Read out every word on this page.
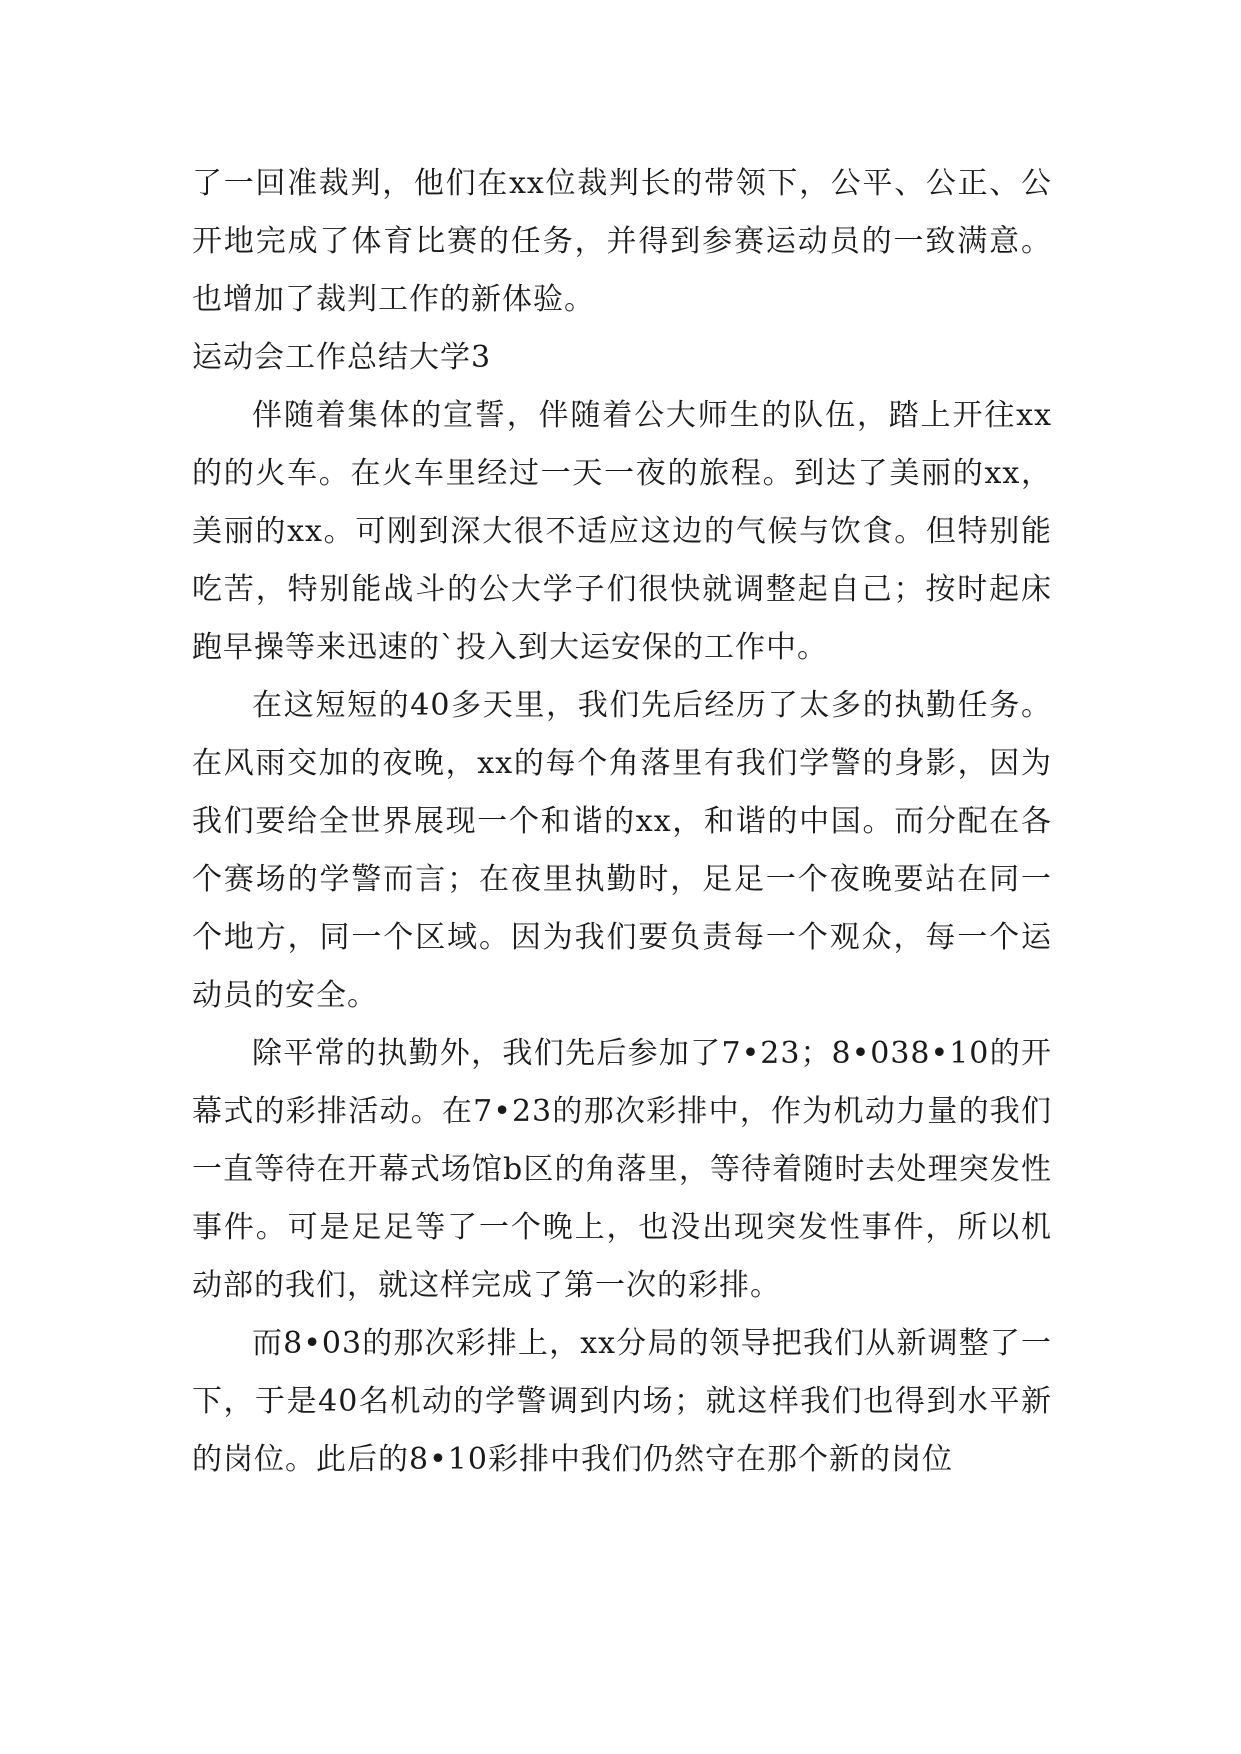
了一回准裁判，他们在xx位裁判长的带领下，公平、公正、公开地完成了体育比赛的任务，并得到参赛运动员的一致满意。也增加了裁判工作的新体验。

运动会工作总结大学3

伴随着集体的宣誓，伴随着公大师生的队伍，踏上开往xx的的火车。在火车里经过一天一夜的旅程。到达了美丽的xx，美丽的xx。可刚到深大很不适应这边的气候与饮食。但特别能吃苦，特别能战斗的公大学子们很快就调整起自己；按时起床跑早操等来迅速的`投入到大运安保的工作中。

在这短短的40多天里，我们先后经历了太多的执勤任务。在风雨交加的夜晚，xx的每个角落里有我们学警的身影，因为我们要给全世界展现一个和谐的xx，和谐的中国。而分配在各个赛场的学警而言；在夜里执勤时，足足一个夜晚要站在同一个地方，同一个区域。因为我们要负责每一个观众，每一个运动员的安全。

除平常的执勤外，我们先后参加了7•23；8•038•10的开幕式的彩排活动。在7•23的那次彩排中，作为机动力量的我们一直等待在开幕式场馆b区的角落里，等待着随时去处理突发性事件。可是足足等了一个晚上，也没出现突发性事件，所以机动部的我们，就这样完成了第一次的彩排。

而8•03的那次彩排上，xx分局的领导把我们从新调整了一下，于是40名机动的学警调到内场；就这样我们也得到水平新的岗位。此后的8•10彩排中我们仍然守在那个新的岗位
